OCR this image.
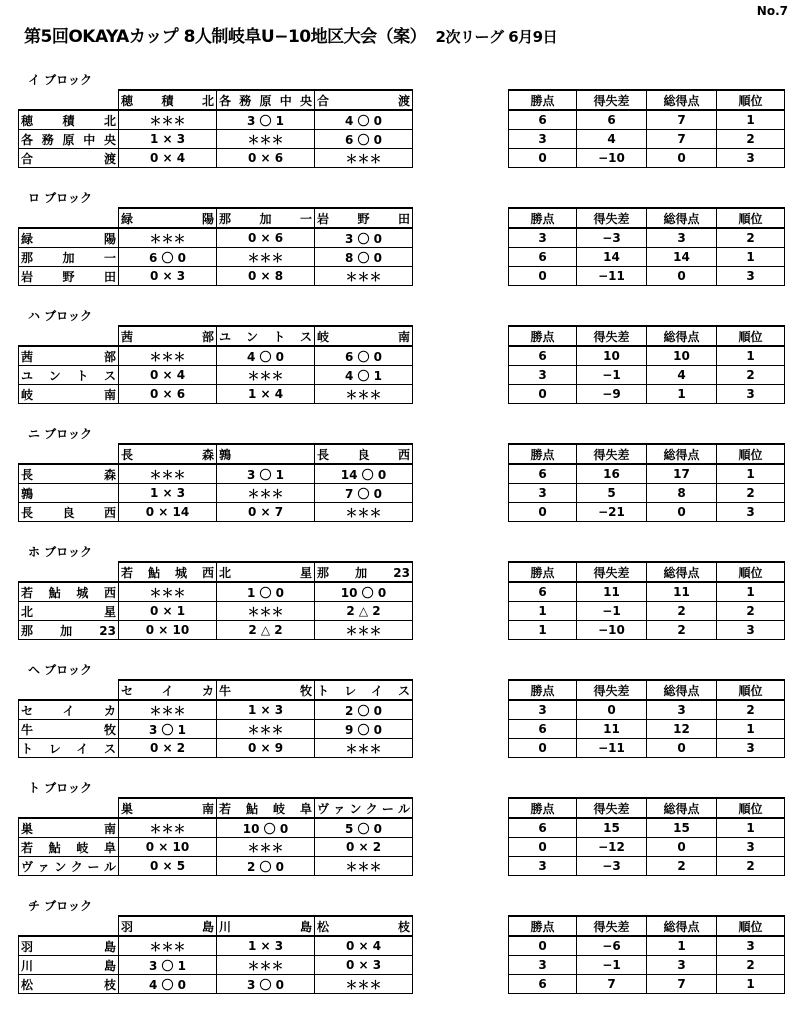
No.7
第5回OKAYAカップ 8人制岐阜U−10地区大会（案） 2次リーグ 6月9日
イ ブロック
	穂積北	各務原中央	合渡		勝点	得失差	総得点	順位
穂積北	＊＊＊	3 〇 1	4 〇 0		6	6	7	1
各務原中央	1 × 3	＊＊＊	6 〇 0		3	4	7	2
合渡	0 × 4	0 × 6	＊＊＊		0	−10	0	3
ロ ブロック
	緑陽	那加一	岩野田		勝点	得失差	総得点	順位
緑陽	＊＊＊	0 × 6	3 〇 0		3	−3	3	2
那加一	6 〇 0	＊＊＊	8 〇 0		6	14	14	1
岩野田	0 × 3	0 × 8	＊＊＊		0	−11	0	3
ハ ブロック
	茜部	ユントス	岐南		勝点	得失差	総得点	順位
茜部	＊＊＊	4 〇 0	6 〇 0		6	10	10	1
ユントス	0 × 4	＊＊＊	4 〇 1		3	−1	4	2
岐南	0 × 6	1 × 4	＊＊＊		0	−9	1	3
ニ ブロック
	長森	鶉	長良西		勝点	得失差	総得点	順位
長森	＊＊＊	3 〇 1	14 〇 0		6	16	17	1
鶉	1 × 3	＊＊＊	7 〇 0		3	5	8	2
長良西	0 × 14	0 × 7	＊＊＊		0	−21	0	3
ホ ブロック
	若鮎城西	北星	那加23		勝点	得失差	総得点	順位
若鮎城西	＊＊＊	1 〇 0	10 〇 0		6	11	11	1
北星	0 × 1	＊＊＊	2 △ 2		1	−1	2	2
那加23	0 × 10	2 △ 2	＊＊＊		1	−10	2	3
ヘ ブロック
	セイカ	牛牧	トレイス		勝点	得失差	総得点	順位
セイカ	＊＊＊	1 × 3	2 〇 0		3	0	3	2
牛牧	3 〇 1	＊＊＊	9 〇 0		6	11	12	1
トレイス	0 × 2	0 × 9	＊＊＊		0	−11	0	3
ト ブロック
	巣南	若鮎岐阜	ヴァンクール		勝点	得失差	総得点	順位
巣南	＊＊＊	10 〇 0	5 〇 0		6	15	15	1
若鮎岐阜	0 × 10	＊＊＊	0 × 2		0	−12	0	3
ヴァンクール	0 × 5	2 〇 0	＊＊＊		3	−3	2	2
チ ブロック
	羽島	川島	松枝		勝点	得失差	総得点	順位
羽島	＊＊＊	1 × 3	0 × 4		0	−6	1	3
川島	3 〇 1	＊＊＊	0 × 3		3	−1	3	2
松枝	4 〇 0	3 〇 0	＊＊＊		6	7	7	1
